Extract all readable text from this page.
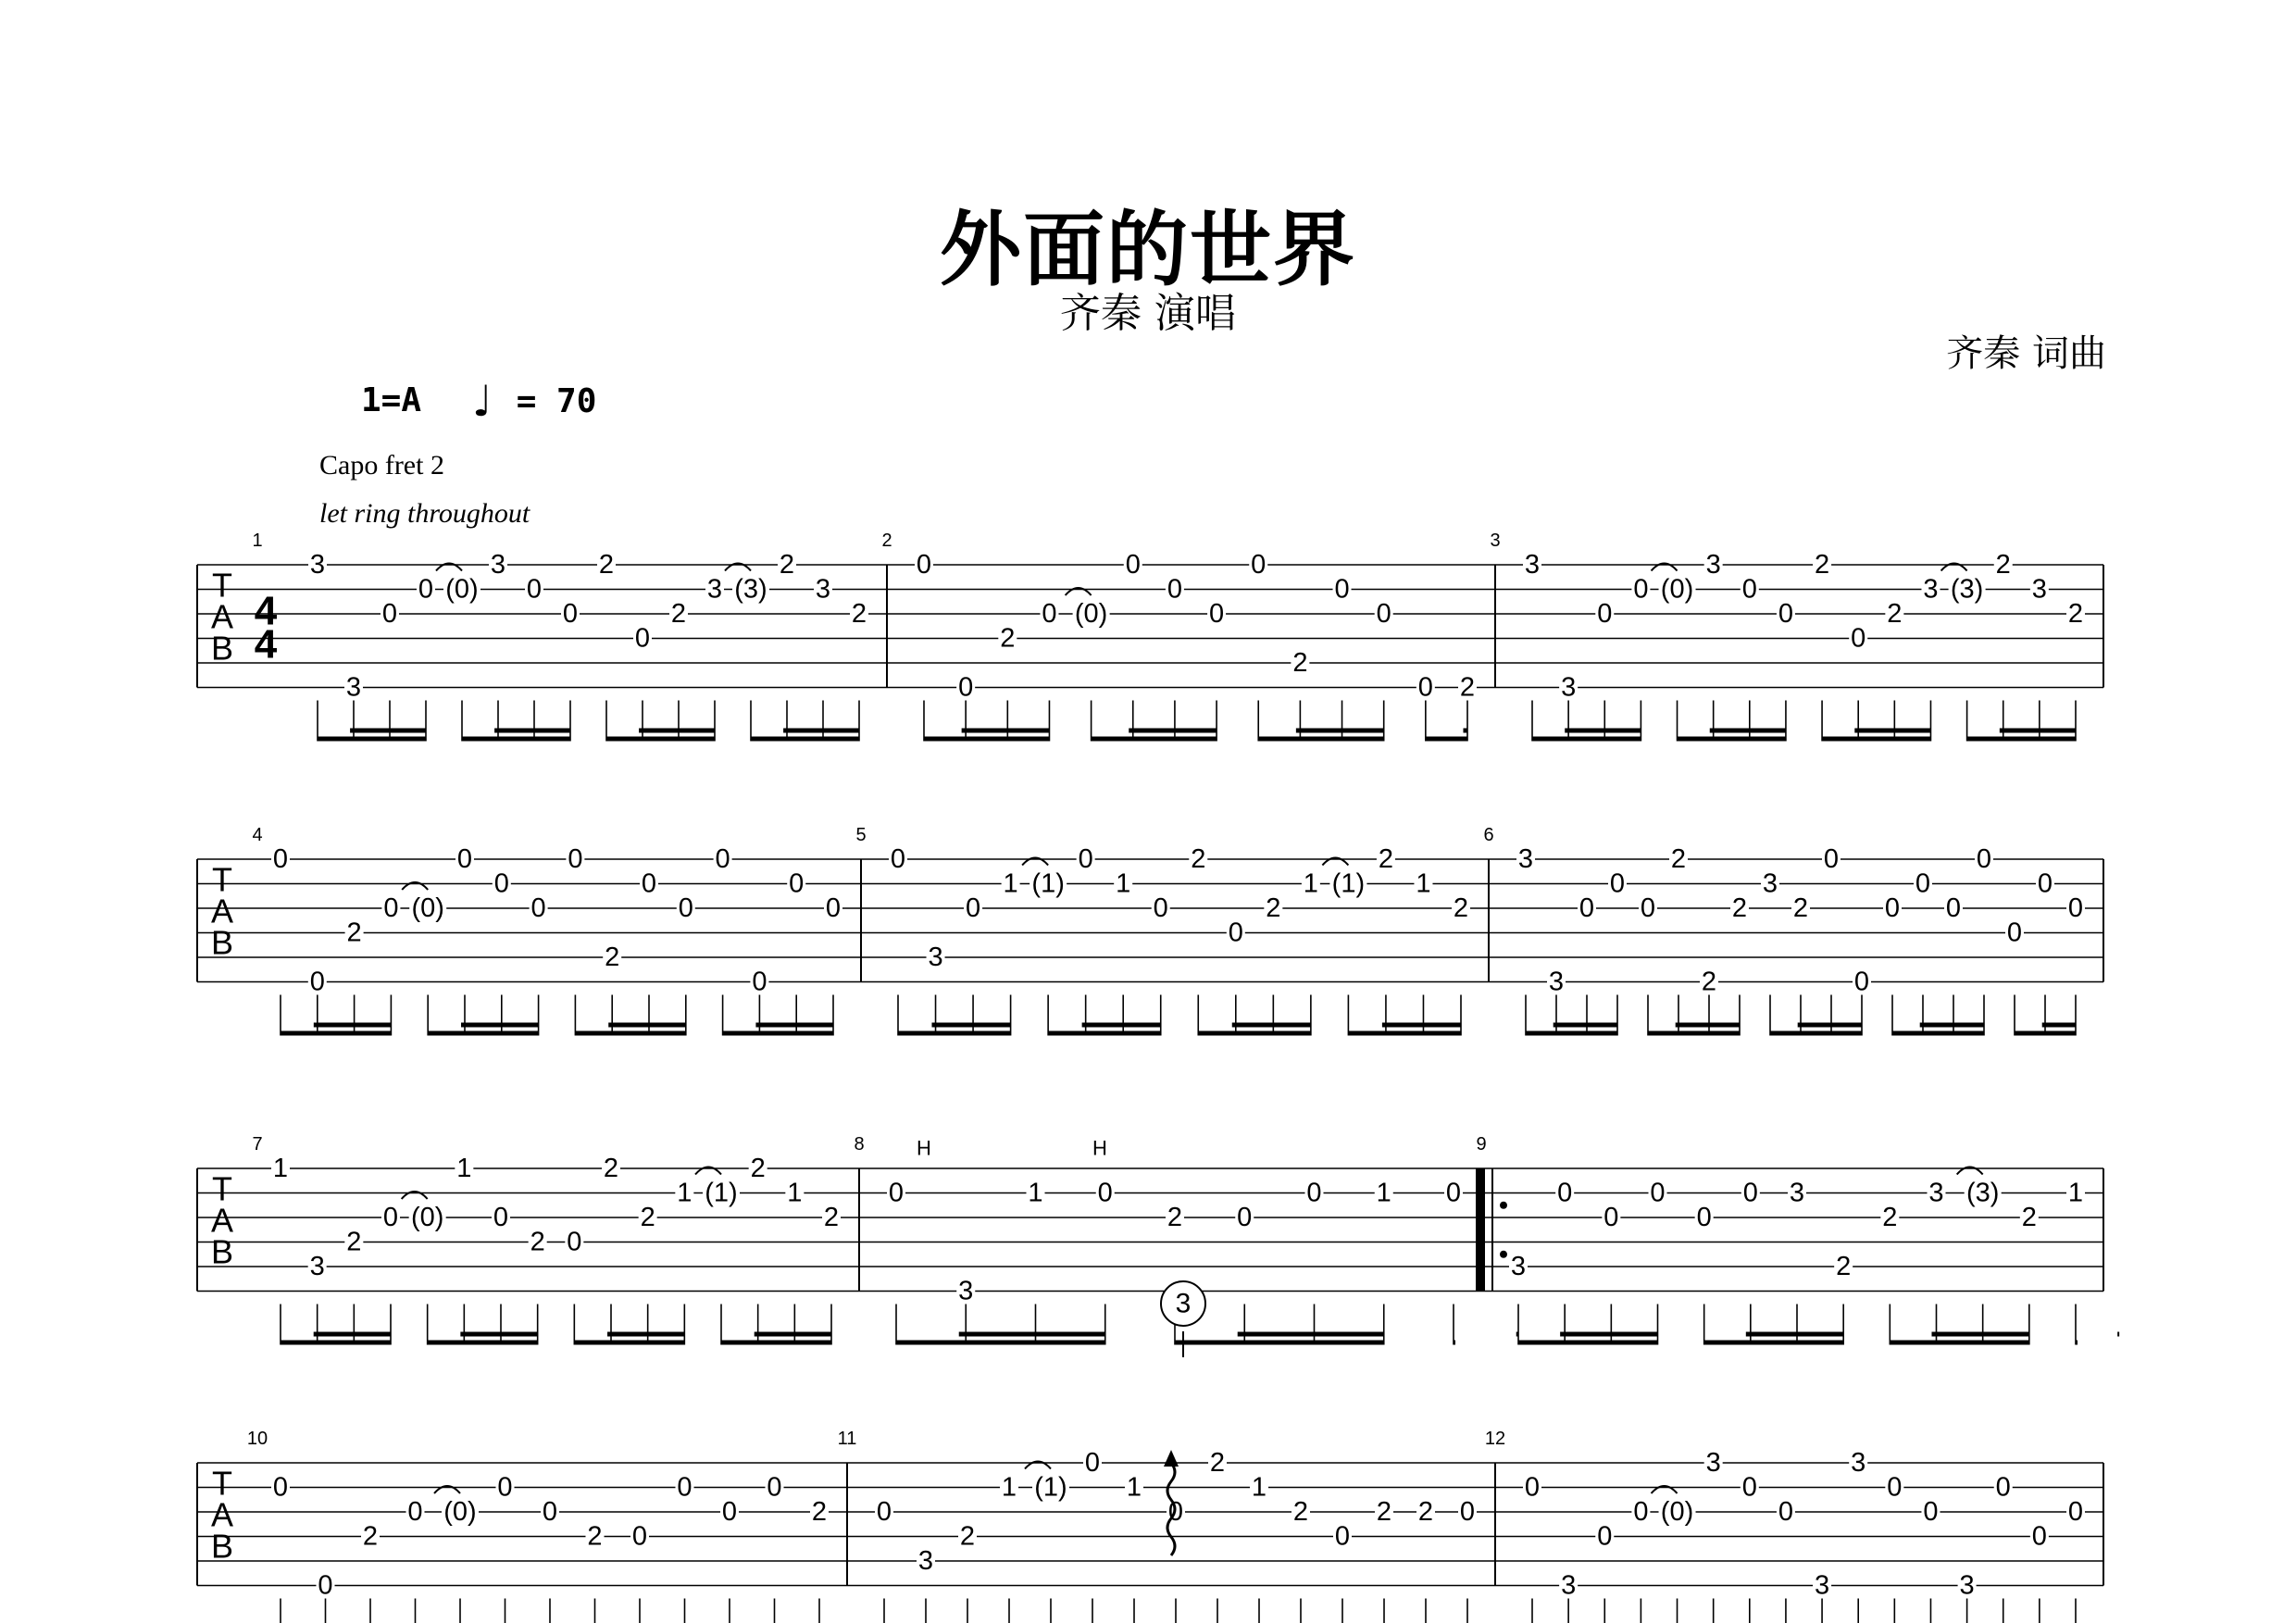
外面的世界
齐秦 演唱
齐秦 词曲
1=A ♩ = 70
Capo fret 2
let ring throughout
T
A
B
4
4
1
3
3
0
0 (0)
3
0
0
2
0
2
3 (3)
2
3
2
2
0
0
2
0 (0)
0
0
0
0
2
0
0
0 2
3
3
3
0
0 (0)
3
0
0
2
0
2
3 (3)
2
3
2
T
A
B
4
0
0
2
0 (0)
0
0
0
0
2
0
0
0
0
0
0
5
0
3
0
1 (1)
0
1
0
2
0
2
1 (1)
2
1
2
6
3
3
0
0
0
2
2
2
3
2
0
0
0
0
0
0
0
0
0
T
A
B
7
1
3
2
0 (0)
1
0
2 0
2
2
1 (1)
2
1
2
8
0
3
1 0
2 0
0 1 0
9
3
0
0
0
0
0 3
2
2
3 (3)
2
1
T
A
B
10
0
0
2
0 (0)
0
0
2 0
0
0
0
2
11
0
3
2
1 (1)
0
1
0
2
1
2
0
2 2 0
12
0
3
0
0 (0)
3
0
0
3
3
0
0
3
0
0
0
H	H
3
